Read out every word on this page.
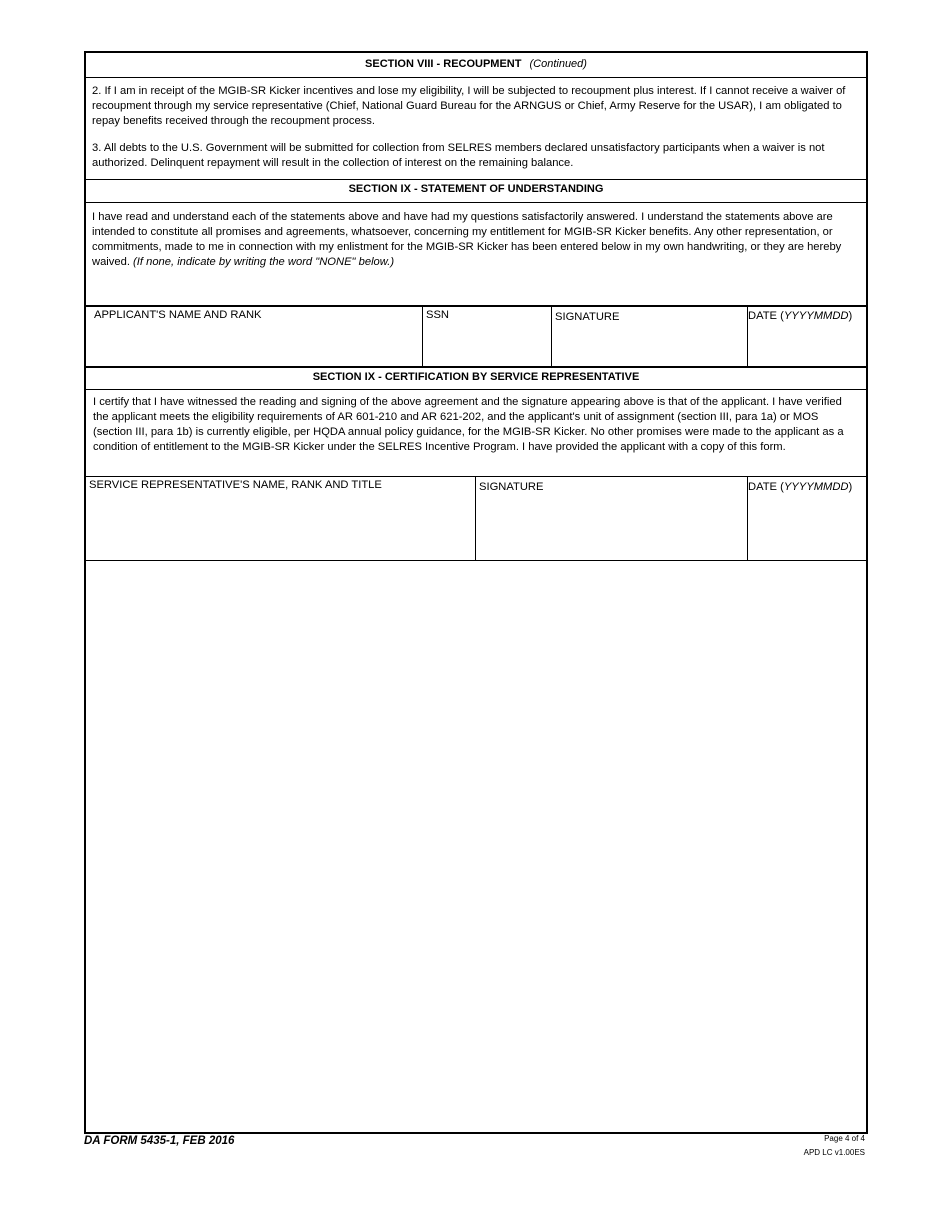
SECTION VIII - RECOUPMENT (Continued)
2. If I am in receipt of the MGIB-SR Kicker incentives and lose my eligibility, I will be subjected to recoupment plus interest. If I cannot receive a waiver of recoupment through my service representative (Chief, National Guard Bureau for the ARNGUS or Chief, Army Reserve for the USAR), I am obligated to repay benefits received through the recoupment process.
3. All debts to the U.S. Government will be submitted for collection from SELRES members declared unsatisfactory participants when a waiver is not authorized. Delinquent repayment will result in the collection of interest on the remaining balance.
SECTION IX - STATEMENT OF UNDERSTANDING
I have read and understand each of the statements above and have had my questions satisfactorily answered. I understand the statements above are intended to constitute all promises and agreements, whatsoever, concerning my entitlement for MGIB-SR Kicker benefits. Any other representation, or commitments, made to me in connection with my enlistment for the MGIB-SR Kicker has been entered below in my own handwriting, or they are hereby waived. (If none, indicate by writing the word "NONE" below.)
APPLICANT'S NAME AND RANK	SSN	SIGNATURE	DATE (YYYYMMDD)
SECTION IX - CERTIFICATION BY SERVICE REPRESENTATIVE
I certify that I have witnessed the reading and signing of the above agreement and the signature appearing above is that of the applicant. I have verified the applicant meets the eligibility requirements of AR 601-210 and AR 621-202, and the applicant's unit of assignment (section III, para 1a) or MOS (section III, para 1b) is currently eligible, per HQDA annual policy guidance, for the MGIB-SR Kicker. No other promises were made to the applicant as a condition of entitlement to the MGIB-SR Kicker under the SELRES Incentive Program. I have provided the applicant with a copy of this form.
SERVICE REPRESENTATIVE'S NAME, RANK AND TITLE	SIGNATURE	DATE (YYYYMMDD)
DA FORM 5435-1, FEB 2016	Page 4 of 4
APD LC v1.00ES
